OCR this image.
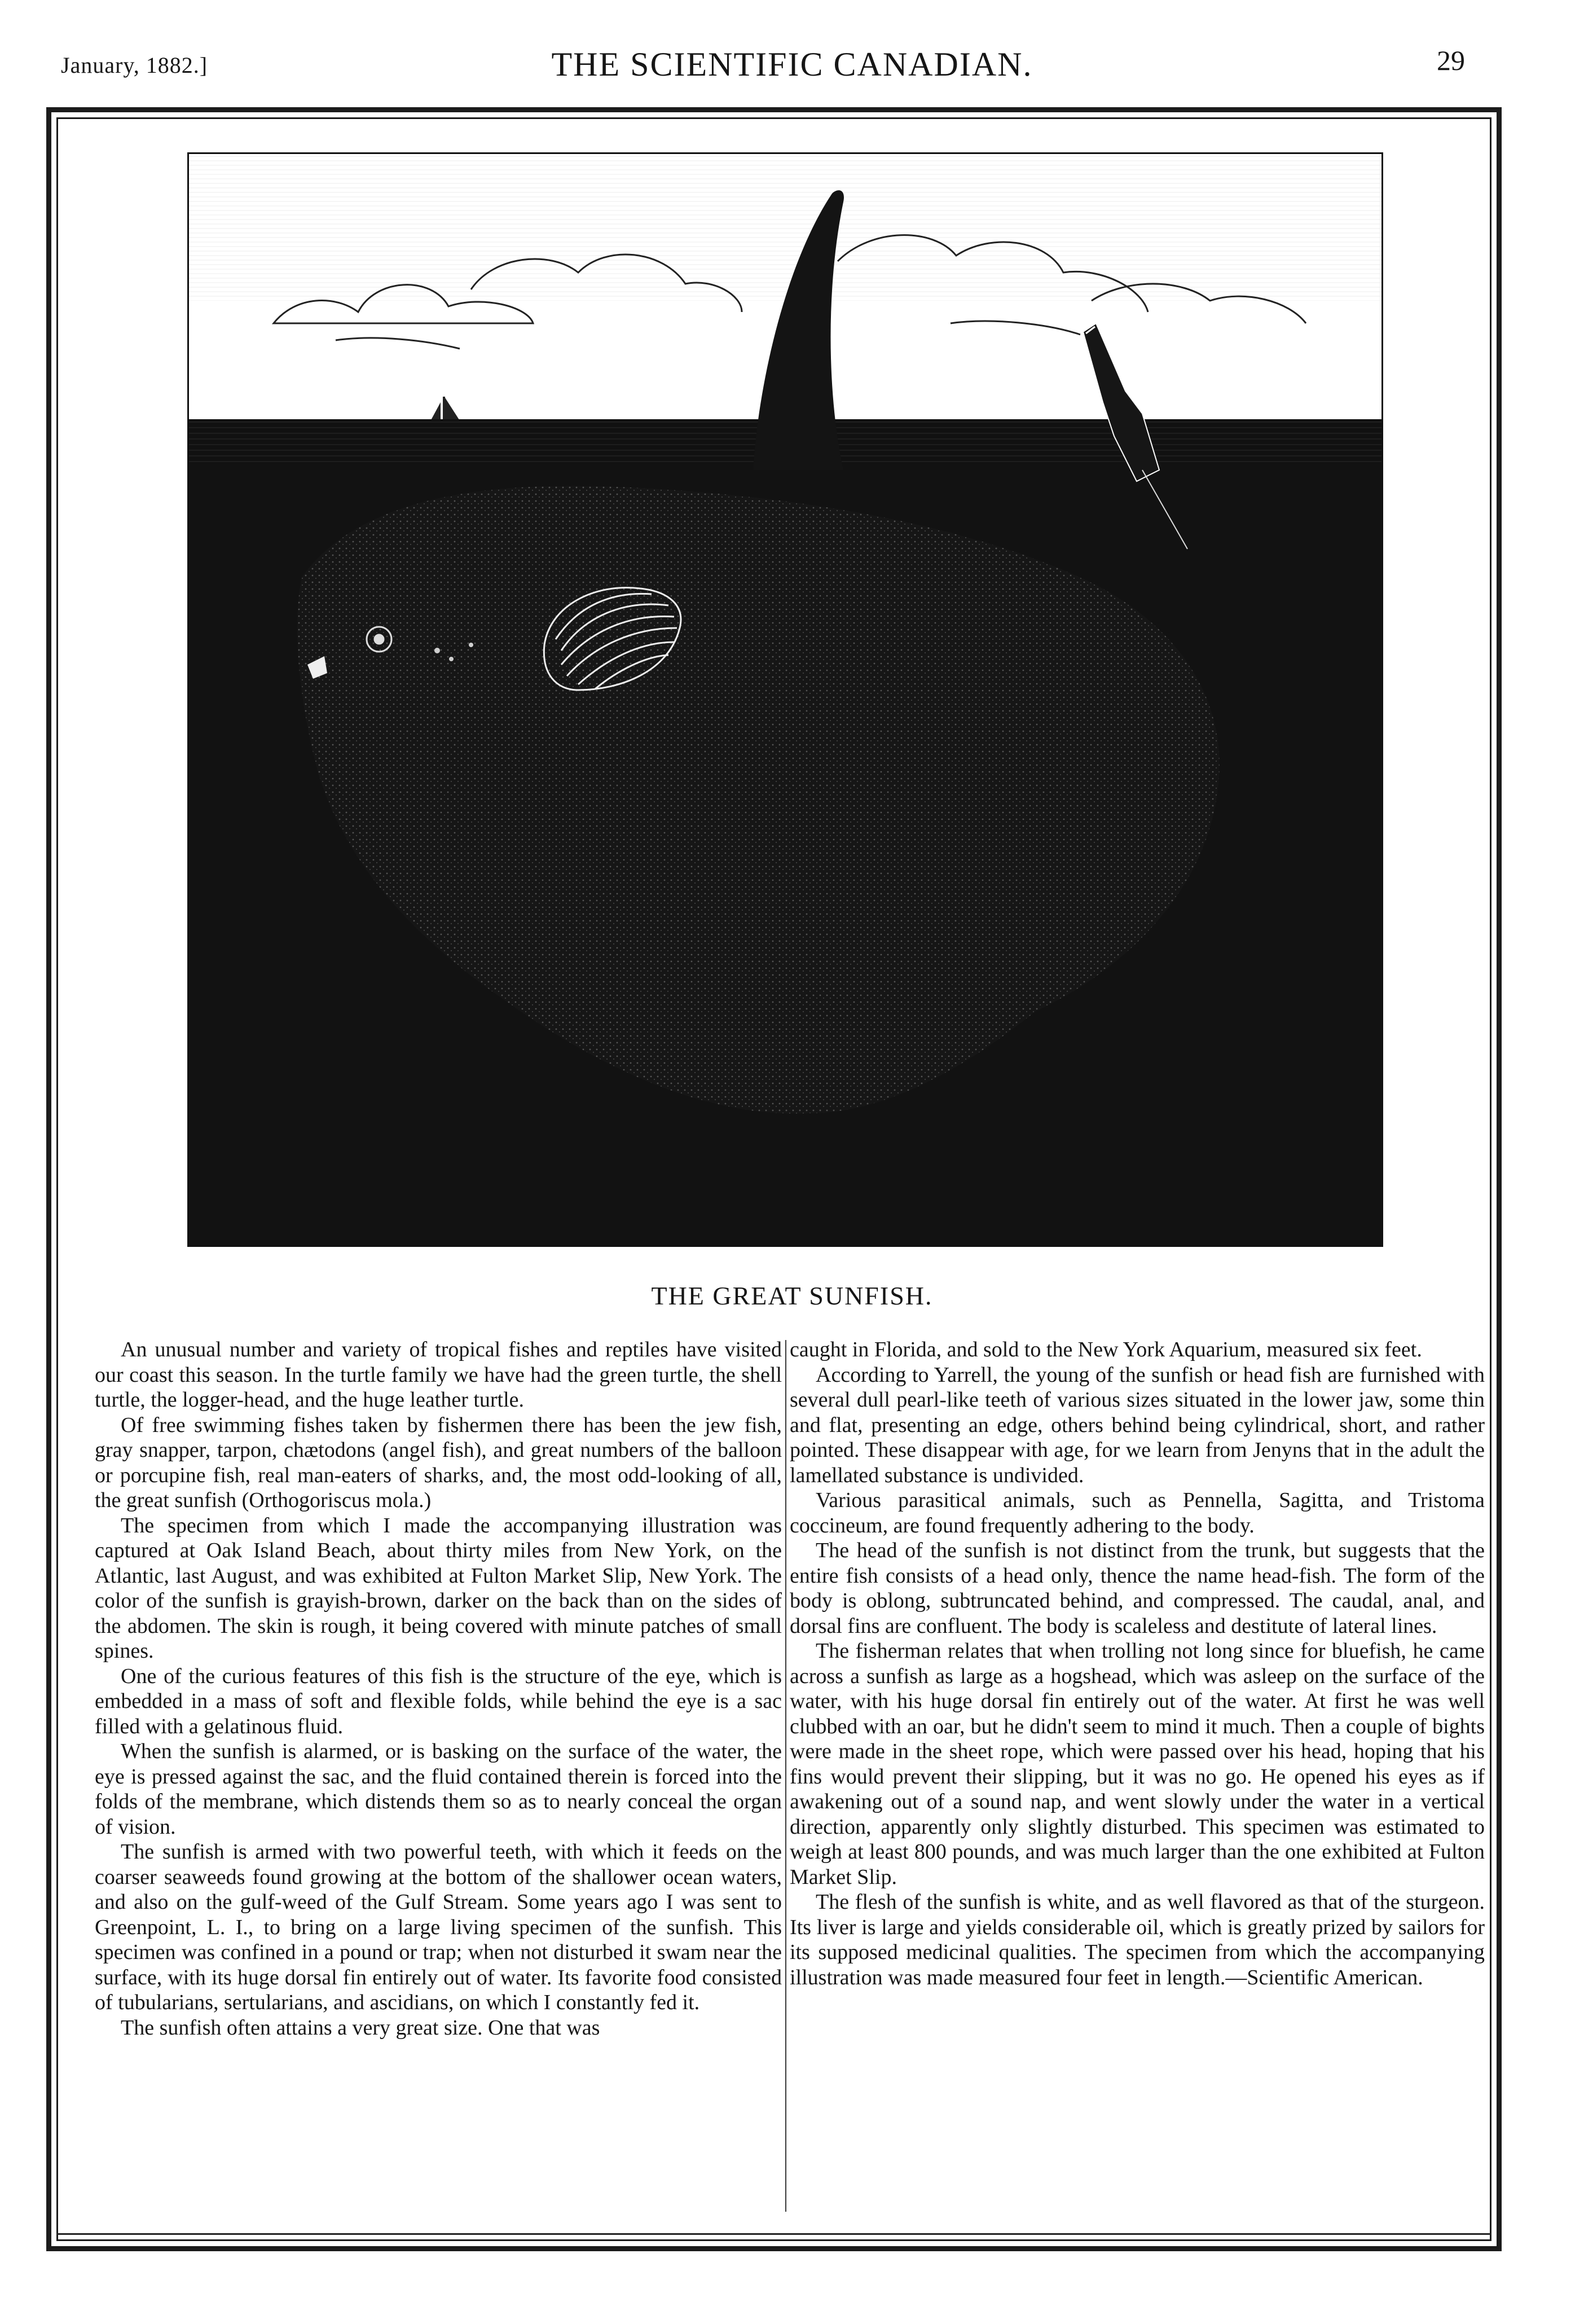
January, 1882.]	THE SCIENTIFIC CANADIAN.	29
THE GREAT SUNFISH.

An unusual number and variety of tropical fishes and reptiles have visited our coast this season. In the turtle family we have had the green turtle, the shell turtle, the logger-head, and the huge leather turtle.

Of free swimming fishes taken by fishermen there has been the jew fish, gray snapper, tarpon, chætodons (angel fish), and great numbers of the balloon or porcupine fish, real man-eaters of sharks, and, the most odd-looking of all, the great sunfish (Orthogoriscus mola.)

The specimen from which I made the accompanying illustration was captured at Oak Island Beach, about thirty miles from New York, on the Atlantic, last August, and was exhibited at Fulton Market Slip, New York. The color of the sunfish is grayish-brown, darker on the back than on the sides of the abdomen. The skin is rough, it being covered with minute patches of small spines.

One of the curious features of this fish is the structure of the eye, which is embedded in a mass of soft and flexible folds, while behind the eye is a sac filled with a gelatinous fluid.

When the sunfish is alarmed, or is basking on the surface of the water, the eye is pressed against the sac, and the fluid contained therein is forced into the folds of the membrane, which distends them so as to nearly conceal the organ of vision.

The sunfish is armed with two powerful teeth, with which it feeds on the coarser seaweeds found growing at the bottom of the shallower ocean waters, and also on the gulf-weed of the Gulf Stream. Some years ago I was sent to Greenpoint, L. I., to bring on a large living specimen of the sunfish. This specimen was confined in a pound or trap; when not disturbed it swam near the surface, with its huge dorsal fin entirely out of water. Its favorite food consisted of tubularians, sertularians, and ascidians, on which I constantly fed it.

The sunfish often attains a very great size. One that was

caught in Florida, and sold to the New York Aquarium, measured six feet.

According to Yarrell, the young of the sunfish or head fish are furnished with several dull pearl-like teeth of various sizes situated in the lower jaw, some thin and flat, presenting an edge, others behind being cylindrical, short, and rather pointed. These disappear with age, for we learn from Jenyns that in the adult the lamellated substance is undivided.

Various parasitical animals, such as Pennella, Sagitta, and Tristoma coccineum, are found frequently adhering to the body.

The head of the sunfish is not distinct from the trunk, but suggests that the entire fish consists of a head only, thence the name head-fish. The form of the body is oblong, subtruncated behind, and compressed. The caudal, anal, and dorsal fins are confluent. The body is scaleless and destitute of lateral lines.

The fisherman relates that when trolling not long since for bluefish, he came across a sunfish as large as a hogshead, which was asleep on the surface of the water, with his huge dorsal fin entirely out of the water. At first he was well clubbed with an oar, but he didn't seem to mind it much. Then a couple of bights were made in the sheet rope, which were passed over his head, hoping that his fins would prevent their slipping, but it was no go. He opened his eyes as if awakening out of a sound nap, and went slowly under the water in a vertical direction, apparently only slightly disturbed. This specimen was estimated to weigh at least 800 pounds, and was much larger than the one exhibited at Fulton Market Slip.

The flesh of the sunfish is white, and as well flavored as that of the sturgeon. Its liver is large and yields considerable oil, which is greatly prized by sailors for its supposed medicinal qualities. The specimen from which the accompanying illustration was made measured four feet in length.—Scientific American.
